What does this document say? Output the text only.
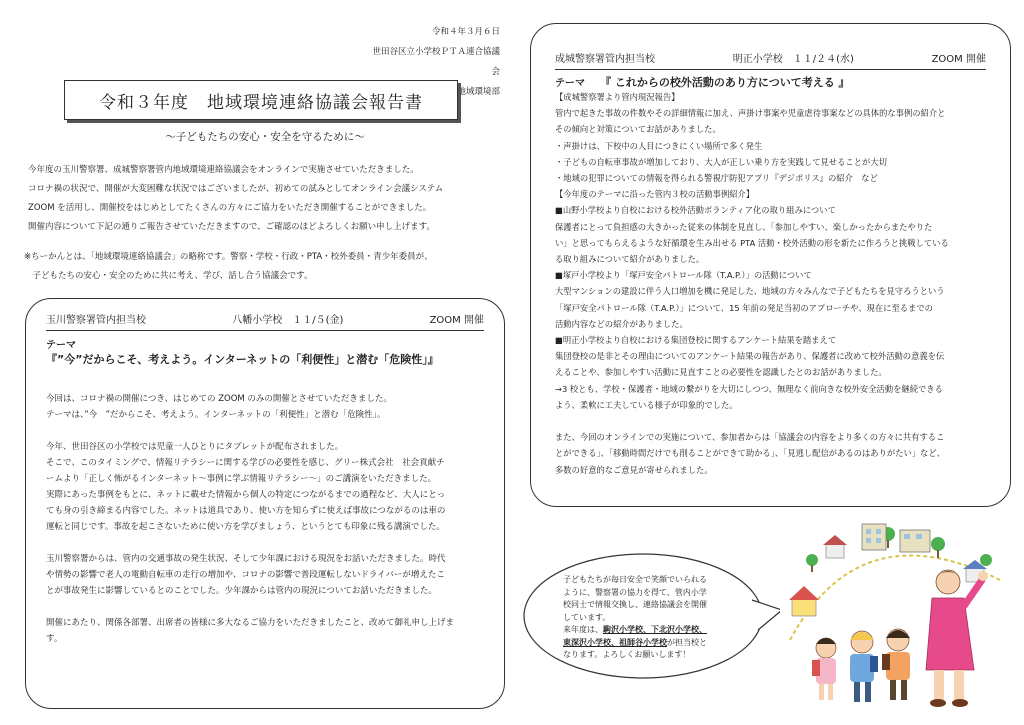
令和４年３月６日
世田谷区立小学校ＰＴＡ連合協議会
地域環境部
令和３年度　地域環境連絡協議会報告書
～子どもたちの安心・安全を守るために～

今年度の玉川警察署、成城警察署管内地域環境連絡協議会をオンラインで実施させていただきました。

コロナ禍の状況で、開催が大変困難な状況ではございましたが、初めての試みとしてオンライン会議システム

ZOOM を活用し、開催校をはじめとしてたくさんの方々にご協力をいただき開催することができました。

開催内容について下記の通りご報告させていただきますので、ご確認のほどよろしくお願い申し上げます。

※ちーかんとは、「地域環境連絡協議会」の略称です。警察・学校・行政・PTA・校外委員・青少年委員が、

　子どもたちの安心・安全のために共に考え、学び、話し合う協議会です。

玉川警察署管内担当校	八幡小学校　１１/５(金)	ZOOM 開催
テーマ
『”今”だからこそ、考えよう。インターネットの「利便性」と潜む「危険性」』

今回は、コロナ禍の開催につき、はじめての ZOOM のみの開催とさせていただきました。

テーマは、”今　”だからこそ、考えよう。インターネットの「利便性」と潜む「危険性」。

今年、世田谷区の小学校では児童一人ひとりにタブレットが配布されました。

そこで、このタイミングで、情報リテラシーに関する学びの必要性を感じ、グリー株式会社　社会貢献チ

ームより「正しく怖がるインターネット～事例に学ぶ情報リテラシー～」のご講演をいただきました。

実際にあった事例をもとに、ネットに載せた情報から個人の特定につながるまでの過程など、大人にとっ

ても身の引き締まる内容でした。ネットは道具であり、使い方を知らずに使えば事故につながるのは車の

運転と同じです。事故を起こさないために使い方を学びましょう、というとても印象に残る講演でした。

玉川警察署からは、管内の交通事故の発生状況、そして少年課における現況をお話いただきました。時代

や情勢の影響で老人の電動自転車の走行の増加や、コロナの影響で普段運転しないドライバーが増えたこ

とが事故発生に影響しているとのことでした。少年課からは管内の現況についてお話いただきました。

開催にあたり、関係各部署、出席者の皆様に多大なるご協力をいただきましたこと、改めて御礼申し上げま

す。

成城警察署管内担当校	明正小学校　１１/２４(水)	ZOOM 開催
テーマ 『 これからの校外活動のあり方について考える 』

【成城警察署より管内現況報告】

管内で起きた事故の件数やその詳細情報に加え、声掛け事案や児童虐待事案などの具体的な事例の紹介と

その傾向と対策についてお話がありました。

・声掛けは、下校中の人目につきにくい場所で多く発生

・子どもの自転車事故が増加しており、大人が正しい乗り方を実践して見せることが大切

・地域の犯罪についての情報を得られる警視庁防犯アプリ『デジポリス』の紹介　など

【今年度のテーマに沿った管内３校の活動事例紹介】

■山野小学校より自校における校外活動ボランティア化の取り組みについて

保護者にとって負担感の大きかった従来の体制を見直し、「参加しやすい、楽しかったからまたやりた

い」と思ってもらえるような好循環を生み出せる PTA 活動・校外活動の形を新たに作ろうと挑戦している

る取り組みについて紹介がありました。

■塚戸小学校より「塚戸安全パトロール隊（T.A.P.）」の活動について

大型マンションの建設に伴う人口増加を機に発足した、地域の方々みんなで子どもたちを見守ろうという

「塚戸安全パトロール隊（T.A.P.）」について、15 年前の発足当初のアプローチや、現在に至るまでの

活動内容などの紹介がありました。

■明正小学校より自校における集団登校に関するアンケート結果を踏まえて

集団登校の是非とその理由についてのアンケート結果の報告があり、保護者に改めて校外活動の意義を伝

えることや、参加しやすい活動に見直すことの必要性を認識したとのお話がありました。

→3 校とも、学校・保護者・地域の繋がりを大切にしつつ、無理なく前向きな校外安全活動を継続できる

よう、柔軟に工夫している様子が印象的でした。

また、今回のオンラインでの実施について、参加者からは「協議会の内容をより多くの方々に共有するこ

とができる」、「移動時間だけでも削ることができて助かる」、「見逃し配信があるのはありがたい」など、

多数の好意的なご意見が寄せられました。

子どもたちが毎日安全で笑顔でいられる

ように、警察署の協力を得て、管内小学

校同士で情報交換し、連絡協議会を開催

しています。

来年度は、駒沢小学校、下北沢小学校、

東深沢小学校、祖師谷小学校が担当校と

なります。よろしくお願いします！
